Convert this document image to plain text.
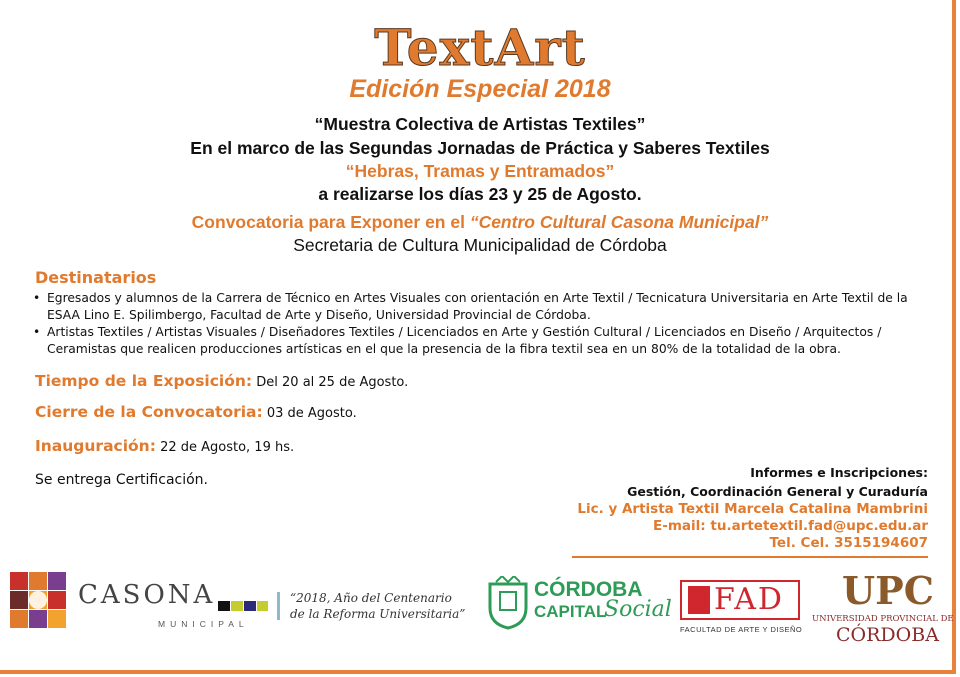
TextArt
Edición Especial 2018
“Muestra Colectiva de Artistas Textiles”
En el marco de las Segundas Jornadas de Práctica y Saberes Textiles
“Hebras, Tramas y Entramados”
a realizarse los días 23 y 25 de Agosto.
Convocatoria para Exponer en el “Centro Cultural Casona Municipal”
Secretaria de Cultura Municipalidad de Córdoba
Destinatarios
• Egresados y alumnos de la Carrera de Técnico en Artes Visuales con orientación en Arte Textil / Tecnicatura Universitaria en Arte Textil de la ESAA Lino E. Spilimbergo, Facultad de Arte y Diseño, Universidad Provincial de Córdoba.
• Artistas Textiles / Artistas Visuales / Diseñadores Textiles / Licenciados en Arte y Gestión Cultural / Licenciados en Diseño / Arquitectos / Ceramistas que realicen producciones artísticas en el que la presencia de la fibra textil sea en un 80% de la totalidad de la obra.
Tiempo de la Exposición: Del 20 al 25 de Agosto.
Cierre de la Convocatoria: 03 de Agosto.
Inauguración: 22 de Agosto, 19 hs.
Se entrega Certificación.	Informes e Inscripciones:
Gestión, Coordinación General y Curaduría
Lic. y Artista Textil Marcela Catalina Mambrini
E-mail: tu.artetextil.fad@upc.edu.ar
Tel. Cel. 3515194607
CASONA
MUNICIPAL
“2018, Año del Centenario
de la Reforma Universitaria”
CÓRDOBA
CAPITAL
Social FAD
FACULTAD DE ARTE Y DISEÑO
UPC
UNIVERSIDAD PROVINCIAL DE
CÓRDOBA
